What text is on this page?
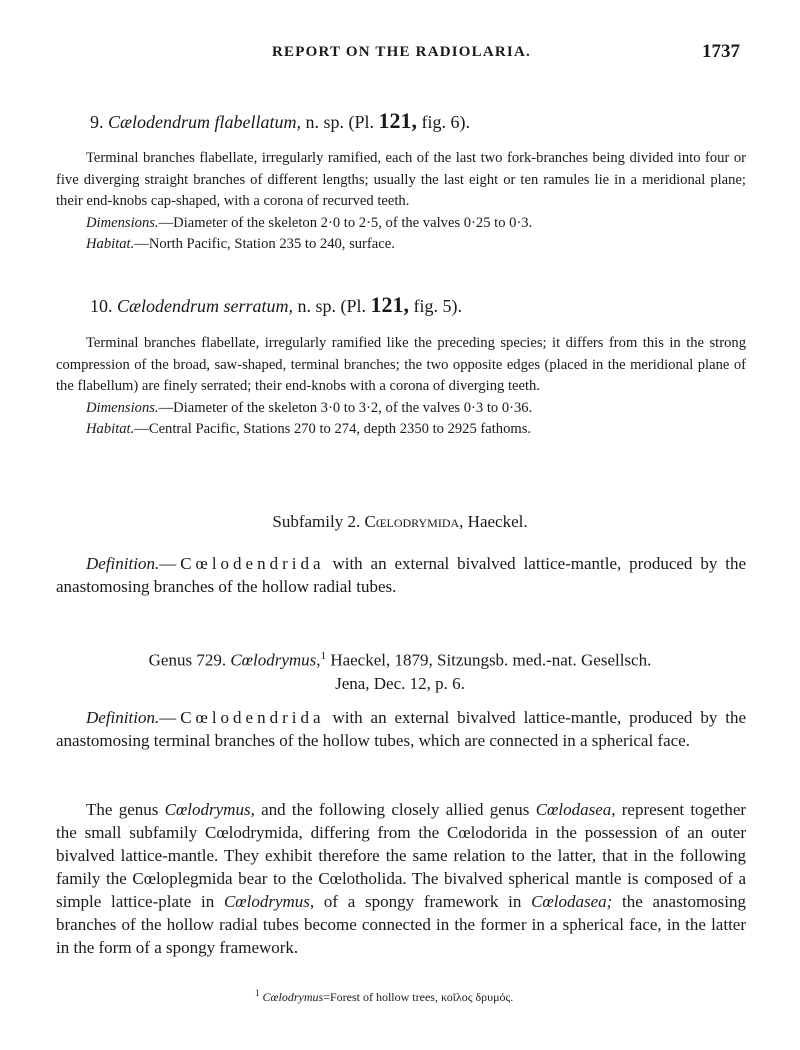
REPORT ON THE RADIOLARIA.	1737
9. Cælodendrum flabellatum, n. sp. (Pl. 121, fig. 6).

Terminal branches flabellate, irregularly ramified, each of the last two fork-branches being divided into four or five diverging straight branches of different lengths; usually the last eight or ten ramules lie in a meridional plane; their end-knobs cap-shaped, with a corona of recurved teeth.

Dimensions.—Diameter of the skeleton 2·0 to 2·5, of the valves 0·25 to 0·3.

Habitat.—North Pacific, Station 235 to 240, surface.

10. Cælodendrum serratum, n. sp. (Pl. 121, fig. 5).

Terminal branches flabellate, irregularly ramified like the preceding species; it differs from this in the strong compression of the broad, saw-shaped, terminal branches; the two opposite edges (placed in the meridional plane of the flabellum) are finely serrated; their end-knobs with a corona of diverging teeth.

Dimensions.—Diameter of the skeleton 3·0 to 3·2, of the valves 0·3 to 0·36.

Habitat.—Central Pacific, Stations 270 to 274, depth 2350 to 2925 fathoms.

Subfamily 2. Cœlodrymida, Haeckel.

Definition.—Cœlodendrida with an external bivalved lattice-mantle, produced by the anastomosing branches of the hollow radial tubes.

Genus 729. Cœlodrymus,$^1$ Haeckel, 1879, Sitzungsb. med.-nat. Gesellsch.
Jena, Dec. 12, p. 6.

Definition.—Cœlodendrida with an external bivalved lattice-mantle, produced by the anastomosing terminal branches of the hollow tubes, which are connected in a spherical face.

The genus Cœlodrymus, and the following closely allied genus Cœlodasea, represent together the small subfamily Cœlodrymida, differing from the Cœlodorida in the possession of an outer bivalved lattice-mantle. They exhibit therefore the same relation to the latter, that in the following family the Cœloplegmida bear to the Cœlotholida. The bivalved spherical mantle is composed of a simple lattice-plate in Cœlodrymus, of a spongy framework in Cœlodasea; the anastomosing branches of the hollow radial tubes become connected in the former in a spherical face, in the latter in the form of a spongy framework.

$^1$ Cœlodrymus=Forest of hollow trees, κοῖλος δρυμός.
